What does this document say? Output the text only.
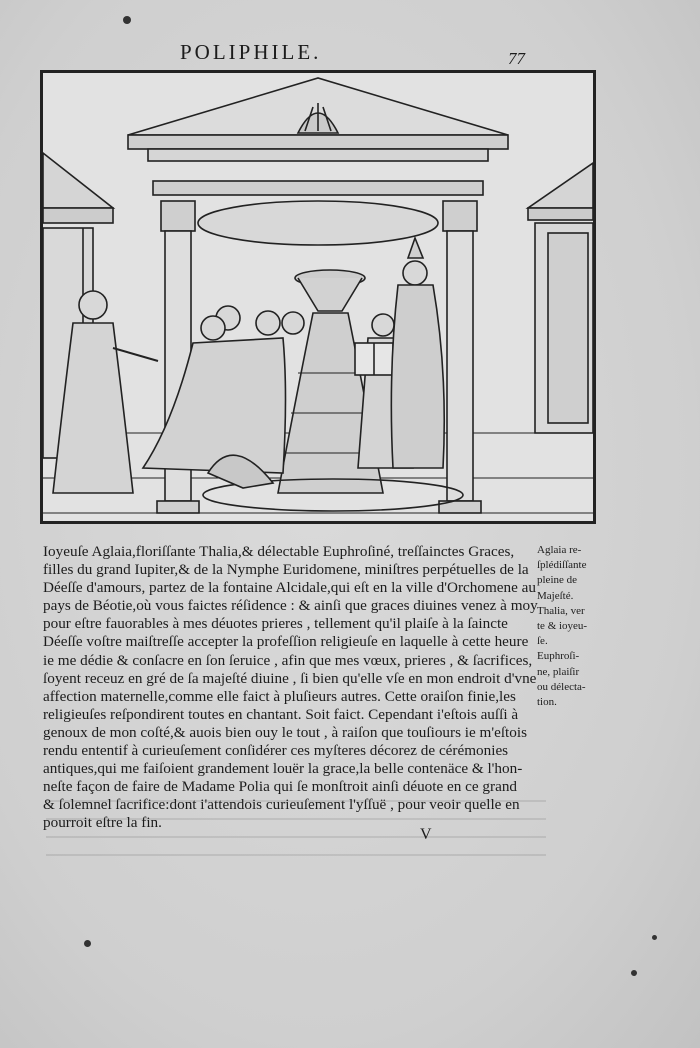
POLIPHILE.	77
Ioyeuſe Aglaia,floriſſante Thalia,& délectable Euphroſiné, treſſainctes Graces,
filles du grand Iupiter,& de la Nymphe Euridomene, miniſtres perpétuelles de la
Déeſſe d'amours, partez de la fontaine Alcidale,qui eſt en la ville d'Orchomene au
pays de Béotie,où vous faictes réſidence : & ainſi que graces diuines venez à moy
pour eſtre fauorables à mes déuotes prieres , tellement qu'il plaiſe à la ſaincte
Déeſſe voſtre maiſtreſſe accepter la profeſſion religieuſe en laquelle à cette heure
ie me dédie & conſacre en ſon ſeruice , afin que mes vœux, prieres , & ſacrifices,
ſoyent receuz en gré de ſa majeſté diuine , ſi bien qu'elle vſe en mon endroit d'vne
affection maternelle,comme elle faict à pluſieurs autres. Cette oraiſon finie,les
religieuſes reſpondirent toutes en chantant. Soit faict. Cependant i'eſtois auſſi à
genoux de mon coſté,& auois bien ouy le tout , à raiſon que touſiours ie m'eſtois
rendu ententif à curieuſement conſidérer ces myſteres décorez de cérémonies
antiques,qui me faiſoient grandement louër la grace,la belle contenäce & l'hon-
neſte façon de faire de Madame Polia qui ſe monſtroit ainſi déuote en ce grand
& ſolemnel ſacrifice:dont i'attendois curieuſement l'yſſuë , pour veoir quelle en
pourroit eſtre la fin.
Aglaia re-
ſplédiſſante
pleine de
Majeſté.
Thalia, ver
te & ioyeu-
ſe.
Euphroſi-
ne, plaiſir
ou délecta-
tion.
V
